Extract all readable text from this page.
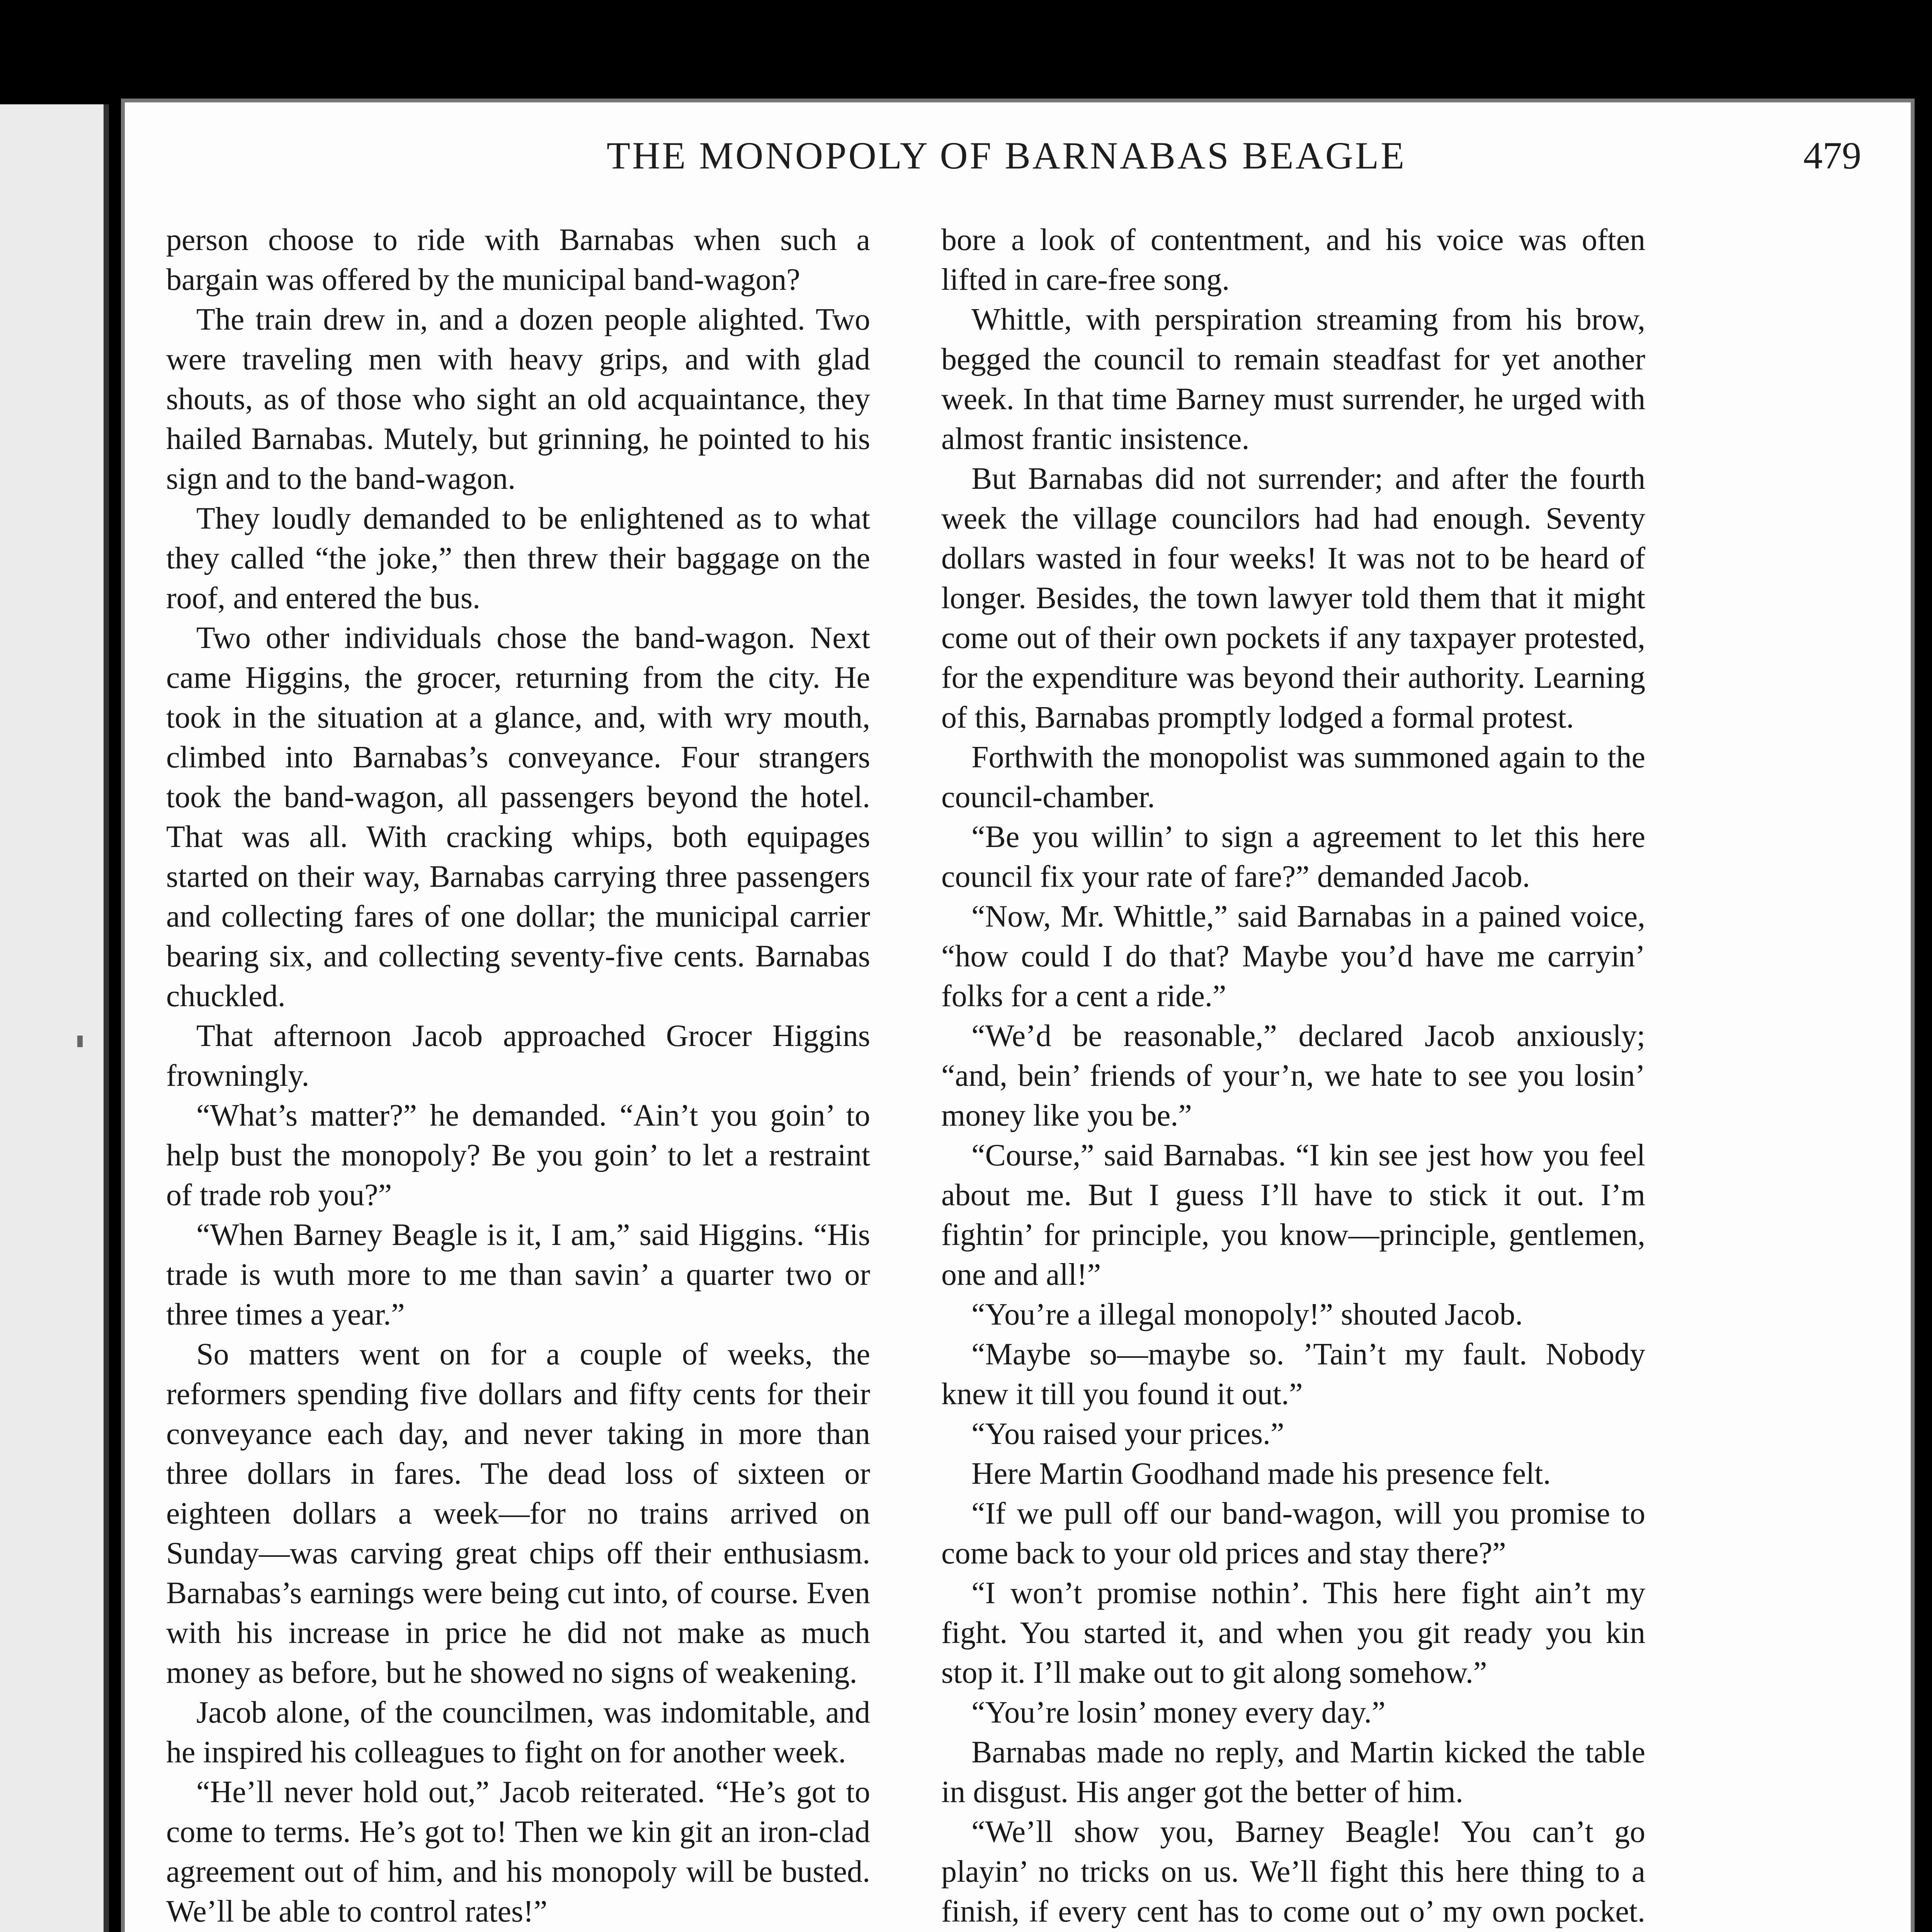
THE MONOPOLY OF BARNABAS BEAGLE	479

person choose to ride with Barnabas when such a bargain was offered by the municipal band-wagon?

The train drew in, and a dozen people alighted. Two were traveling men with heavy grips, and with glad shouts, as of those who sight an old acquaintance, they hailed Barnabas. Mutely, but grinning, he pointed to his sign and to the band-wagon.

They loudly demanded to be enlightened as to what they called “the joke,” then threw their baggage on the roof, and entered the bus.

Two other individuals chose the band-wagon. Next came Higgins, the grocer, returning from the city. He took in the situation at a glance, and, with wry mouth, climbed into Barnabas’s conveyance. Four strangers took the band-wagon, all passengers beyond the hotel. That was all. With cracking whips, both equipages started on their way, Barnabas carrying three passengers and collecting fares of one dollar; the municipal carrier bearing six, and collecting seventy-five cents. Barnabas chuckled.

That afternoon Jacob approached Grocer Higgins frowningly.

“What’s matter?” he demanded. “Ain’t you goin’ to help bust the monopoly? Be you goin’ to let a restraint of trade rob you?”

“When Barney Beagle is it, I am,” said Higgins. “His trade is wuth more to me than savin’ a quarter two or three times a year.”

So matters went on for a couple of weeks, the reformers spending five dollars and fifty cents for their conveyance each day, and never taking in more than three dollars in fares. The dead loss of sixteen or eighteen dollars a week—for no trains arrived on Sunday—was carving great chips off their enthusiasm. Barnabas’s earnings were being cut into, of course. Even with his increase in price he did not make as much money as before, but he showed no signs of weakening.

Jacob alone, of the councilmen, was indomitable, and he inspired his colleagues to fight on for another week.

“He’ll never hold out,” Jacob reiterated. “He’s got to come to terms. He’s got to! Then we kin git an iron-clad agreement out of him, and his monopoly will be busted. We’ll be able to control rates!”

bore a look of contentment, and his voice was often lifted in care-free song.

Whittle, with perspiration streaming from his brow, begged the council to remain steadfast for yet another week. In that time Barney must surrender, he urged with almost frantic insistence.

But Barnabas did not surrender; and after the fourth week the village councilors had had enough. Seventy dollars wasted in four weeks! It was not to be heard of longer. Besides, the town lawyer told them that it might come out of their own pockets if any taxpayer protested, for the expenditure was beyond their authority. Learning of this, Barnabas promptly lodged a formal protest.

Forthwith the monopolist was summoned again to the council-chamber.

“Be you willin’ to sign a agreement to let this here council fix your rate of fare?” demanded Jacob.

“Now, Mr. Whittle,” said Barnabas in a pained voice, “how could I do that? Maybe you’d have me carryin’ folks for a cent a ride.”

“We’d be reasonable,” declared Jacob anxiously; “and, bein’ friends of your’n, we hate to see you losin’ money like you be.”

“Course,” said Barnabas. “I kin see jest how you feel about me. But I guess I’ll have to stick it out. I’m fightin’ for principle, you know—principle, gentlemen, one and all!”

“You’re a illegal monopoly!” shouted Jacob.

“Maybe so—maybe so. ’Tain’t my fault. Nobody knew it till you found it out.”

“You raised your prices.”

Here Martin Goodhand made his presence felt.

“If we pull off our band-wagon, will you promise to come back to your old prices and stay there?”

“I won’t promise nothin’. This here fight ain’t my fight. You started it, and when you git ready you kin stop it. I’ll make out to git along somehow.”

“You’re losin’ money every day.”

Barnabas made no reply, and Martin kicked the table in disgust. His anger got the better of him.

“We’ll show you, Barney Beagle! You can’t go playin’ no tricks on us. We’ll fight this here thing to a finish, if every cent has to come out o’ my own pocket.
